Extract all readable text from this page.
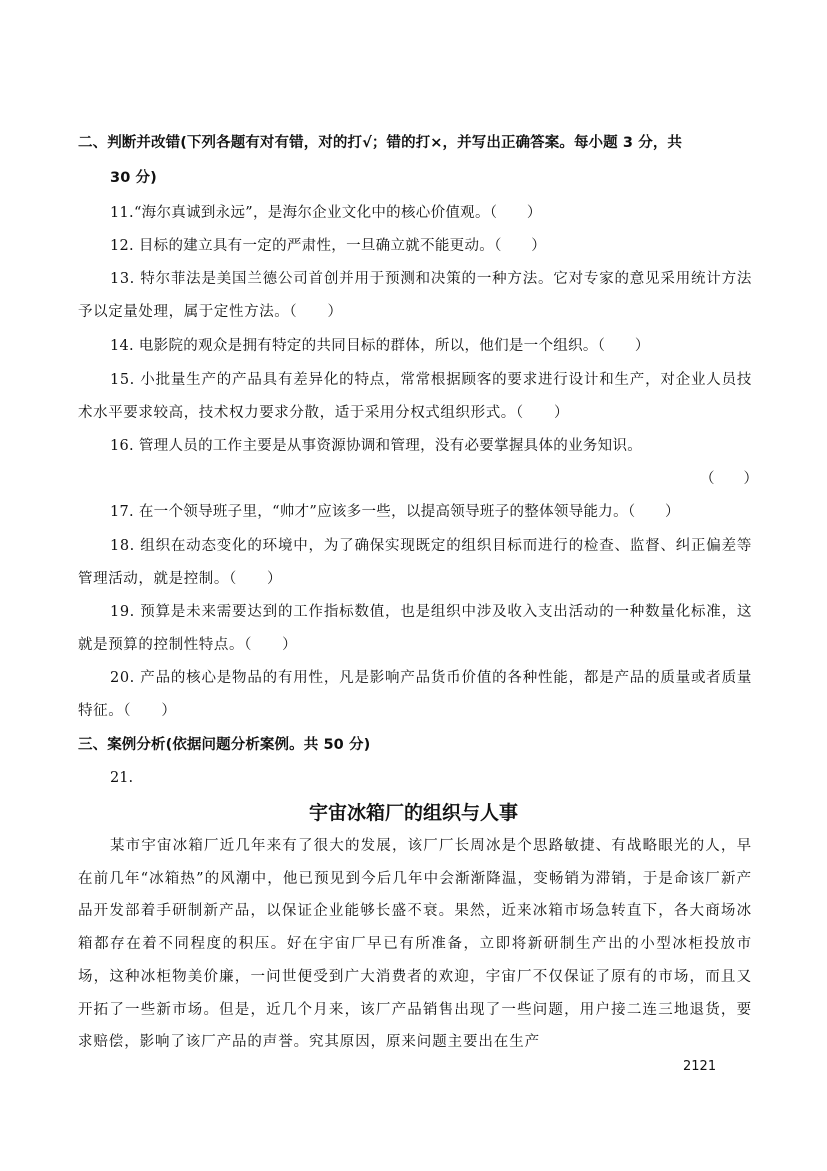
二、判断并改错(下列各题有对有错，对的打√；错的打×，并写出正确答案。每小题 3 分，共
30 分)
11.“海尔真诚到永远”，是海尔企业文化中的核心价值观。（　　）
12. 目标的建立具有一定的严肃性，一旦确立就不能更动。（　　）
13. 特尔菲法是美国兰德公司首创并用于预测和决策的一种方法。它对专家的意见采用统计方法予以定量处理，属于定性方法。（　　）
14. 电影院的观众是拥有特定的共同目标的群体，所以，他们是一个组织。（　　）
15. 小批量生产的产品具有差异化的特点，常常根据顾客的要求进行设计和生产，对企业人员技术水平要求较高，技术权力要求分散，适于采用分权式组织形式。（　　）
16. 管理人员的工作主要是从事资源协调和管理，没有必要掌握具体的业务知识。
（　　）
17. 在一个领导班子里，“帅才”应该多一些，以提高领导班子的整体领导能力。（　　）
18. 组织在动态变化的环境中，为了确保实现既定的组织目标而进行的检查、监督、纠正偏差等管理活动，就是控制。（　　）
19. 预算是未来需要达到的工作指标数值，也是组织中涉及收入支出活动的一种数量化标准，这就是预算的控制性特点。（　　）
20. 产品的核心是物品的有用性，凡是影响产品货币价值的各种性能，都是产品的质量或者质量特征。（　　）
三、案例分析(依据问题分析案例。共 50 分)
21.
宇宙冰箱厂的组织与人事
某市宇宙冰箱厂近几年来有了很大的发展，该厂厂长周冰是个思路敏捷、有战略眼光的人，早在前几年“冰箱热”的风潮中，他已预见到今后几年中会渐渐降温，变畅销为滞销，于是命该厂新产品开发部着手研制新产品，以保证企业能够长盛不衰。果然，近来冰箱市场急转直下，各大商场冰箱都存在着不同程度的积压。好在宇宙厂早已有所准备，立即将新研制生产出的小型冰柜投放市场，这种冰柜物美价廉，一问世便受到广大消费者的欢迎，宇宙厂不仅保证了原有的市场，而且又开拓了一些新市场。但是，近几个月来，该厂产品销售出现了一些问题，用户接二连三地退货，要求赔偿，影响了该厂产品的声誉。究其原因，原来问题主要出在生产
2121
